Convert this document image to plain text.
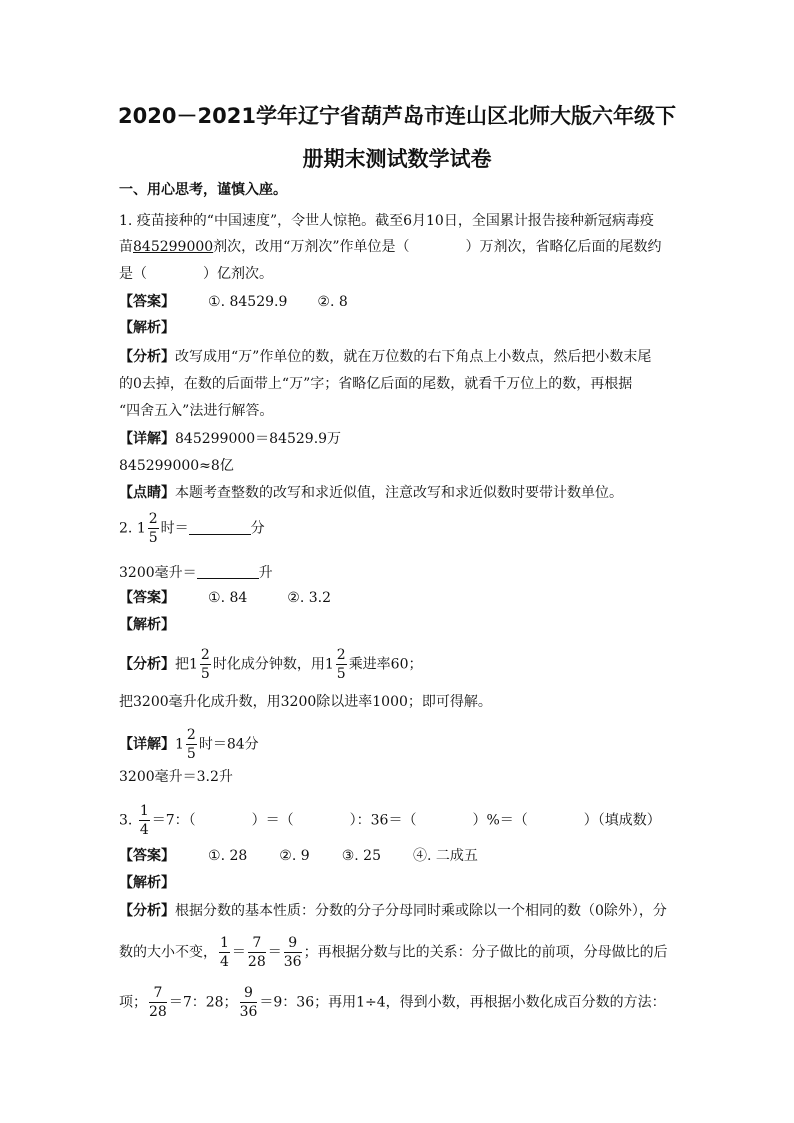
2020－2021学年辽宁省葫芦岛市连山区北师大版六年级下
册期末测试数学试卷
一、用心思考，谨慎入座。
1. 疫苗接种的“中国速度”，令世人惊艳。截至6月10日，全国累计报告接种新冠病毒疫
苗845299000剂次，改用“万剂次”作单位是（　　　　）万剂次，省略亿后面的尾数约
是（　　　　）亿剂次。
【答案】 ①. 84529.9 ②. 8
【解析】
【分析】改写成用“万”作单位的数，就在万位数的右下角点上小数点，然后把小数末尾
的0去掉，在数的后面带上“万”字；省略亿后面的尾数，就看千万位上的数，再根据
“四舍五入”法进行解答。
【详解】845299000＝84529.9万
845299000≈8亿
【点睛】本题考查整数的改写和求近似值，注意改写和求近似数时要带计数单位。
2. $1 \frac{2}{5}$ 时＝	分
3200毫升＝	升
【答案】 ①. 84	②. 3.2
【解析】
【分析】把$1 \frac{2}{5}$ 时化成分钟数，用$1 \frac{2}{5}$ 乘进率60；
把3200毫升化成升数，用3200除以进率1000；即可得解。
【详解】$1 \frac{2}{5}$ 时＝84分
3200毫升＝3.2升
3. $\frac{1}{4} =7$：（　　　　）＝（　　　　）：36＝（　　　　）%＝（　　　　）（填成数）
【答案】 ①. 28 ②. 9 ③. 25 ④. 二成五
【解析】
【分析】根据分数的基本性质：分数的分子分母同时乘或除以一个相同的数（0除外），分
数的大小不变， $\frac{1}{4} = \frac{7}{28} = \frac{9}{36}$ ；再根据分数与比的关系：分子做比的前项，分母做比的后
项； $\frac{7}{28} =7$：28； $\frac{9}{36} =9$：36；再用1÷4，得到小数，再根据小数化成百分数的方法：
